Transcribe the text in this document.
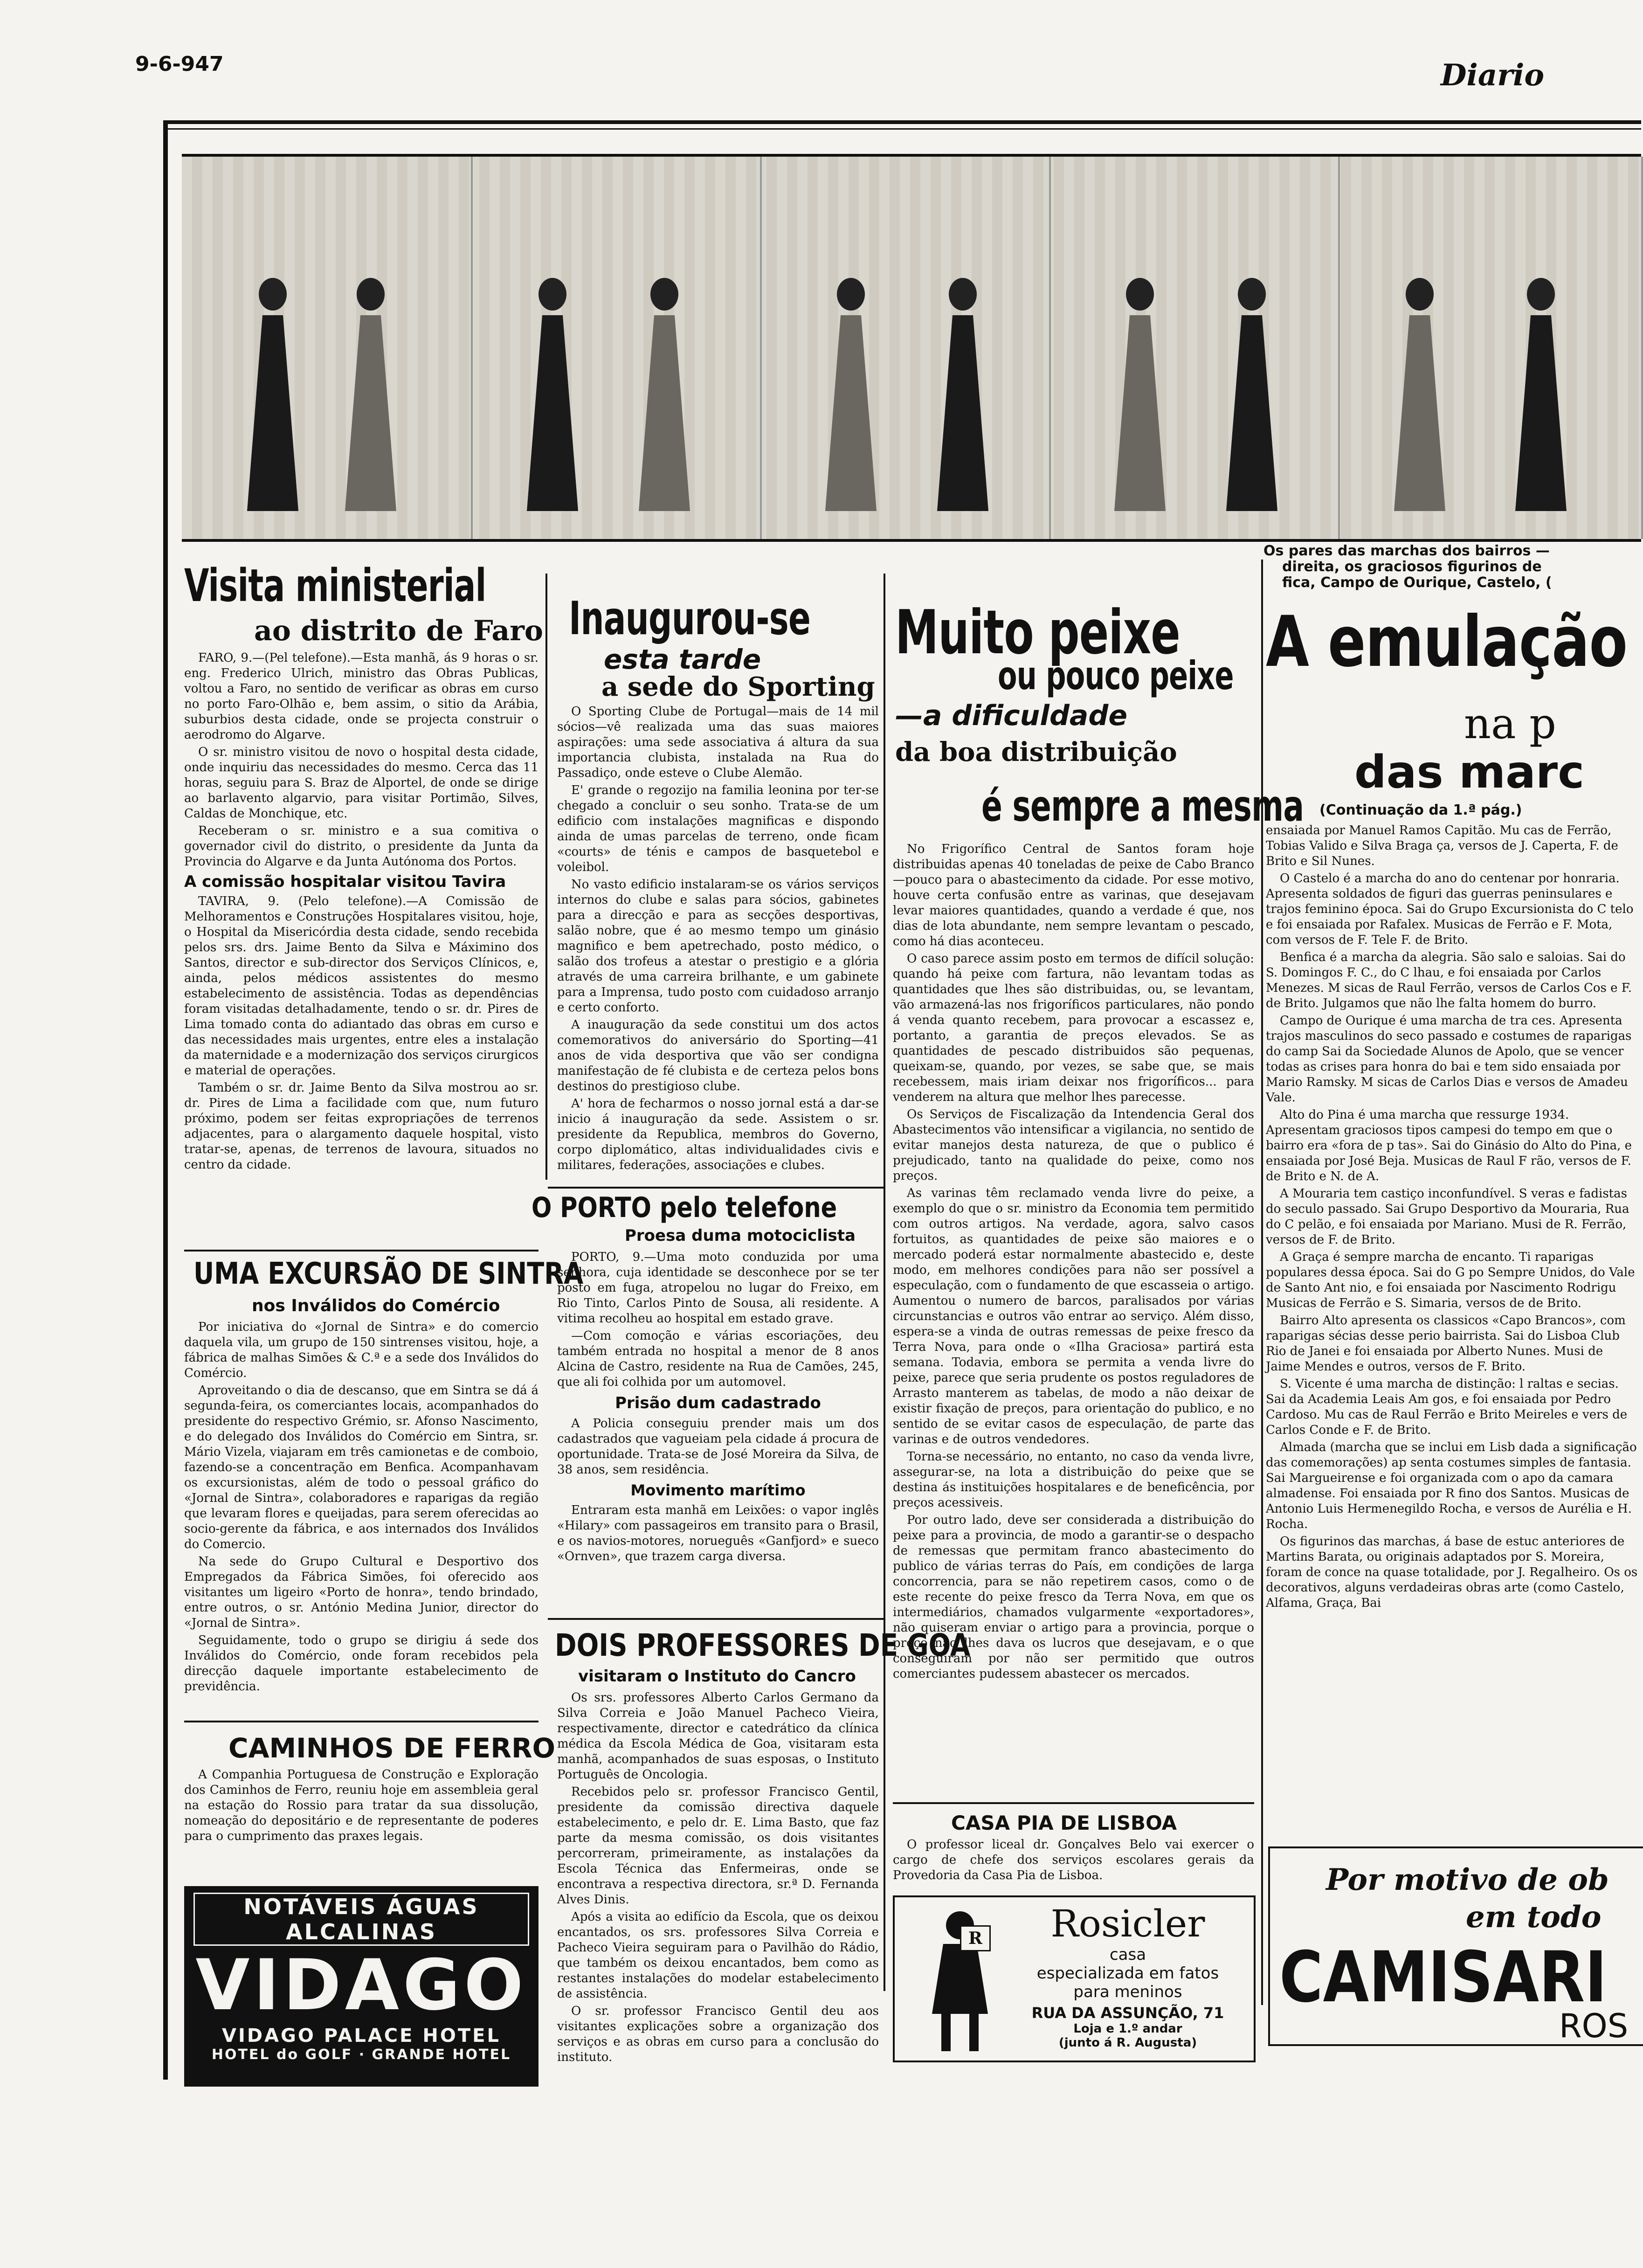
9-6-947	Diario
Os pares das marchas dos bairros —
direita, os graciosos figurinos de
fica, Campo de Ourique, Castelo, (
Visita ministerial
ao distrito de Faro

FARO, 9.—(Pel telefone).—Esta manhã, ás 9 horas o sr. eng. Frederico Ulrich, ministro das Obras Publicas, voltou a Faro, no sentido de verificar as obras em curso no porto Faro-Olhão e, bem assim, o sitio da Arábia, suburbios desta cidade, onde se projecta construir o aerodromo do Algarve.

O sr. ministro visitou de novo o hospital desta cidade, onde inquiriu das necessidades do mesmo. Cerca das 11 horas, seguiu para S. Braz de Alportel, de onde se dirige ao barlavento algarvio, para visitar Portimão, Silves, Caldas de Monchique, etc.

Receberam o sr. ministro e a sua comitiva o governador civil do distrito, o presidente da Junta da Provincia do Algarve e da Junta Autónoma dos Portos.

A comissão hospitalar visitou Tavira

TAVIRA, 9. (Pelo telefone).—A Comissão de Melhoramentos e Construções Hospitalares visitou, hoje, o Hospital da Misericórdia desta cidade, sendo recebida pelos srs. drs. Jaime Bento da Silva e Máximino dos Santos, director e sub-director dos Serviços Clínicos, e, ainda, pelos médicos assistentes do mesmo estabelecimento de assistência. Todas as dependências foram visitadas detalhadamente, tendo o sr. dr. Pires de Lima tomado conta do adiantado das obras em curso e das necessidades mais urgentes, entre eles a instalação da maternidade e a modernização dos serviços cirurgicos e material de operações.

Também o sr. dr. Jaime Bento da Silva mostrou ao sr. dr. Pires de Lima a facilidade com que, num futuro próximo, podem ser feitas expropriações de terrenos adjacentes, para o alargamento daquele hospital, visto tratar-se, apenas, de terrenos de lavoura, situados no centro da cidade.

UMA EXCURSÃO DE SINTRA
nos Inválidos do Comércio

Por iniciativa do «Jornal de Sintra» e do comercio daquela vila, um grupo de 150 sintrenses visitou, hoje, a fábrica de malhas Simões & C.ª e a sede dos Inválidos do Comércio.

Aproveitando o dia de descanso, que em Sintra se dá á segunda-feira, os comerciantes locais, acompanhados do presidente do respectivo Grémio, sr. Afonso Nascimento, e do delegado dos Inválidos do Comércio em Sintra, sr. Mário Vizela, viajaram em três camionetas e de comboio, fazendo-se a concentração em Benfica. Acompanhavam os excursionistas, além de todo o pessoal gráfico do «Jornal de Sintra», colaboradores e raparigas da região que levaram flores e queijadas, para serem oferecidas ao socio-gerente da fábrica, e aos internados dos Inválidos do Comercio.

Na sede do Grupo Cultural e Desportivo dos Empregados da Fábrica Simões, foi oferecido aos visitantes um ligeiro «Porto de honra», tendo brindado, entre outros, o sr. António Medina Junior, director do «Jornal de Sintra».

Seguidamente, todo o grupo se dirigiu á sede dos Inválidos do Comércio, onde foram recebidos pela direcção daquele importante estabelecimento de previdência.

CAMINHOS DE FERRO

A Companhia Portuguesa de Construção e Exploração dos Caminhos de Ferro, reuniu hoje em assembleia geral na estação do Rossio para tratar da sua dissolução, nomeação do depositário e de representante de poderes para o cumprimento das praxes legais.

NOTÁVEIS ÁGUAS ALCALINAS
VIDAGO
VIDAGO PALACE HOTEL
HOTEL do GOLF · GRANDE HOTEL
Inaugurou-se
esta tarde
a sede do Sporting

O Sporting Clube de Portugal—mais de 14 mil sócios—vê realizada uma das suas maiores aspirações: uma sede associativa á altura da sua importancia clubista, instalada na Rua do Passadiço, onde esteve o Clube Alemão.

E' grande o regozijo na familia leonina por ter-se chegado a concluir o seu sonho. Trata-se de um edificio com instalações magnificas e dispondo ainda de umas parcelas de terreno, onde ficam «courts» de ténis e campos de basquetebol e voleibol.

No vasto edificio instalaram-se os vários serviços internos do clube e salas para sócios, gabinetes para a direcção e para as secções desportivas, salão nobre, que é ao mesmo tempo um ginásio magnifico e bem apetrechado, posto médico, o salão dos trofeus a atestar o prestigio e a glória através de uma carreira brilhante, e um gabinete para a Imprensa, tudo posto com cuidadoso arranjo e certo conforto.

A inauguração da sede constitui um dos actos comemorativos do aniversário do Sporting—41 anos de vida desportiva que vão ser condigna manifestação de fé clubista e de certeza pelos bons destinos do prestigioso clube.

A' hora de fecharmos o nosso jornal está a dar-se inicio á inauguração da sede. Assistem o sr. presidente da Republica, membros do Governo, corpo diplomático, altas individualidades civis e militares, federações, associações e clubes.

O PORTO pelo telefone
Proesa duma motociclista

PORTO, 9.—Uma moto conduzida por uma senhora, cuja identidade se desconhece por se ter posto em fuga, atropelou no lugar do Freixo, em Rio Tinto, Carlos Pinto de Sousa, ali residente. A vitima recolheu ao hospital em estado grave.

—Com comoção e várias escoriações, deu também entrada no hospital a menor de 8 anos Alcina de Castro, residente na Rua de Camões, 245, que ali foi colhida por um automovel.

Prisão dum cadastrado

A Policia conseguiu prender mais um dos cadastrados que vagueiam pela cidade á procura de oportunidade. Trata-se de José Moreira da Silva, de 38 anos, sem residência.

Movimento marítimo

Entraram esta manhã em Leixões: o vapor inglês «Hilary» com passageiros em transito para o Brasil, e os navios-motores, norueguês «Ganfjord» e sueco «Ornven», que trazem carga diversa.

DOIS PROFESSORES DE GOA
visitaram o Instituto do Cancro

Os srs. professores Alberto Carlos Germano da Silva Correia e João Manuel Pacheco Vieira, respectivamente, director e catedrático da clínica médica da Escola Médica de Goa, visitaram esta manhã, acompanhados de suas esposas, o Instituto Português de Oncologia.

Recebidos pelo sr. professor Francisco Gentil, presidente da comissão directiva daquele estabelecimento, e pelo dr. E. Lima Basto, que faz parte da mesma comissão, os dois visitantes percorreram, primeiramente, as instalações da Escola Técnica das Enfermeiras, onde se encontrava a respectiva directora, sr.ª D. Fernanda Alves Dinis.

Após a visita ao edifício da Escola, que os deixou encantados, os srs. professores Silva Correia e Pacheco Vieira seguiram para o Pavilhão do Rádio, que também os deixou encantados, bem como as restantes instalações do modelar estabelecimento de assistência.

O sr. professor Francisco Gentil deu aos visitantes explicações sobre a organização dos serviços e as obras em curso para a conclusão do instituto.

Muito peixe
ou pouco peixe
—a dificuldade
da boa distribuição
é sempre a mesma

No Frigorífico Central de Santos foram hoje distribuidas apenas 40 toneladas de peixe de Cabo Branco—pouco para o abastecimento da cidade. Por esse motivo, houve certa confusão entre as varinas, que desejavam levar maiores quantidades, quando a verdade é que, nos dias de lota abundante, nem sempre levantam o pescado, como há dias aconteceu.

O caso parece assim posto em termos de difícil solução: quando há peixe com fartura, não levantam todas as quantidades que lhes são distribuidas, ou, se levantam, vão armazená-las nos frigoríficos particulares, não pondo á venda quanto recebem, para provocar a escassez e, portanto, a garantia de preços elevados. Se as quantidades de pescado distribuidos são pequenas, queixam-se, quando, por vezes, se sabe que, se mais recebessem, mais iriam deixar nos frigoríficos... para venderem na altura que melhor lhes parecesse.

Os Serviços de Fiscalização da Intendencia Geral dos Abastecimentos vão intensificar a vigilancia, no sentido de evitar manejos desta natureza, de que o publico é prejudicado, tanto na qualidade do peixe, como nos preços.

As varinas têm reclamado venda livre do peixe, a exemplo do que o sr. ministro da Economia tem permitido com outros artigos. Na verdade, agora, salvo casos fortuitos, as quantidades de peixe são maiores e o mercado poderá estar normalmente abastecido e, deste modo, em melhores condições para não ser possível a especulação, com o fundamento de que escasseia o artigo. Aumentou o numero de barcos, paralisados por várias circunstancias e outros vão entrar ao serviço. Além disso, espera-se a vinda de outras remessas de peixe fresco da Terra Nova, para onde o «Ilha Graciosa» partirá esta semana. Todavia, embora se permita a venda livre do peixe, parece que seria prudente os postos reguladores de Arrasto manterem as tabelas, de modo a não deixar de existir fixação de preços, para orientação do publico, e no sentido de se evitar casos de especulação, de parte das varinas e de outros vendedores.

Torna-se necessário, no entanto, no caso da venda livre, assegurar-se, na lota a distribuição do peixe que se destina ás instituições hospitalares e de beneficência, por preços acessiveis.

Por outro lado, deve ser considerada a distribuição do peixe para a provincia, de modo a garantir-se o despacho de remessas que permitam franco abastecimento do publico de várias terras do País, em condições de larga concorrencia, para se não repetirem casos, como o de este recente do peixe fresco da Terra Nova, em que os intermediários, chamados vulgarmente «exportadores», não quiseram enviar o artigo para a provincia, porque o preço não lhes dava os lucros que desejavam, e o que conseguiram por não ser permitido que outros comerciantes pudessem abastecer os mercados.

CASA PIA DE LISBOA

O professor liceal dr. Gonçalves Belo vai exercer o cargo de chefe dos serviços escolares gerais da Provedoria da Casa Pia de Lisboa.

R	Rosicler
casa
especializada em fatos
para meninos
RUA DA ASSUNÇÃO, 71
Loja e 1.º andar
(junto á R. Augusta)
A emulação
na p
das marc
(Continuação da 1.ª pág.)

ensaiada por Manuel Ramos Capitão. Mu cas de Ferrão, Tobias Valido e Silva Braga ça, versos de J. Caperta, F. de Brito e Sil Nunes.

O Castelo é a marcha do ano do centenar por honraria. Apresenta soldados de figuri das guerras peninsulares e trajos feminino época. Sai do Grupo Excursionista do C telo e foi ensaiada por Rafalex. Musicas de Ferrão e F. Mota, com versos de F. Tele F. de Brito.

Benfica é a marcha da alegria. São salo e saloias. Sai do S. Domingos F. C., do C lhau, e foi ensaiada por Carlos Menezes. M sicas de Raul Ferrão, versos de Carlos Cos e F. de Brito. Julgamos que não lhe falta homem do burro.

Campo de Ourique é uma marcha de tra ces. Apresenta trajos masculinos do seco passado e costumes de raparigas do camp Sai da Sociedade Alunos de Apolo, que se vencer todas as crises para honra do bai e tem sido ensaiada por Mario Ramsky. M sicas de Carlos Dias e versos de Amadeu Vale.

Alto do Pina é uma marcha que ressurge 1934. Apresentam graciosos tipos campesi do tempo em que o bairro era «fora de p tas». Sai do Ginásio do Alto do Pina, e ensaiada por José Beja. Musicas de Raul F rão, versos de F. de Brito e N. de A.

A Mouraria tem castiço inconfundível. S veras e fadistas do seculo passado. Sai Grupo Desportivo da Mouraria, Rua do C pelão, e foi ensaiada por Mariano. Musi de R. Ferrão, versos de F. de Brito.

A Graça é sempre marcha de encanto. Ti raparigas populares dessa época. Sai do G po Sempre Unidos, do Vale de Santo Ant nio, e foi ensaiada por Nascimento Rodrigu Musicas de Ferrão e S. Simaria, versos de de Brito.

Bairro Alto apresenta os classicos «Capo Brancos», com raparigas sécias desse perio bairrista. Sai do Lisboa Club Rio de Janei e foi ensaiada por Alberto Nunes. Musi de Jaime Mendes e outros, versos de F. Brito.

S. Vicente é uma marcha de distinção: l raltas e secias. Sai da Academia Leais Am gos, e foi ensaiada por Pedro Cardoso. Mu cas de Raul Ferrão e Brito Meireles e vers de Carlos Conde e F. de Brito.

Almada (marcha que se inclui em Lisb dada a significação das comemorações) ap senta costumes simples de fantasia. Sai Margueirense e foi organizada com o apo da camara almadense. Foi ensaiada por R fino dos Santos. Musicas de Antonio Luis Hermenegildo Rocha, e versos de Aurélia e H. Rocha.

Os figurinos das marchas, á base de estuc anteriores de Martins Barata, ou originais adaptados por S. Moreira, foram de conce na quase totalidade, por J. Regalheiro. Os os decorativos, alguns verdadeiras obras arte (como Castelo, Alfama, Graça, Bai

Por motivo de ob
em todo
CAMISARI
ROS
